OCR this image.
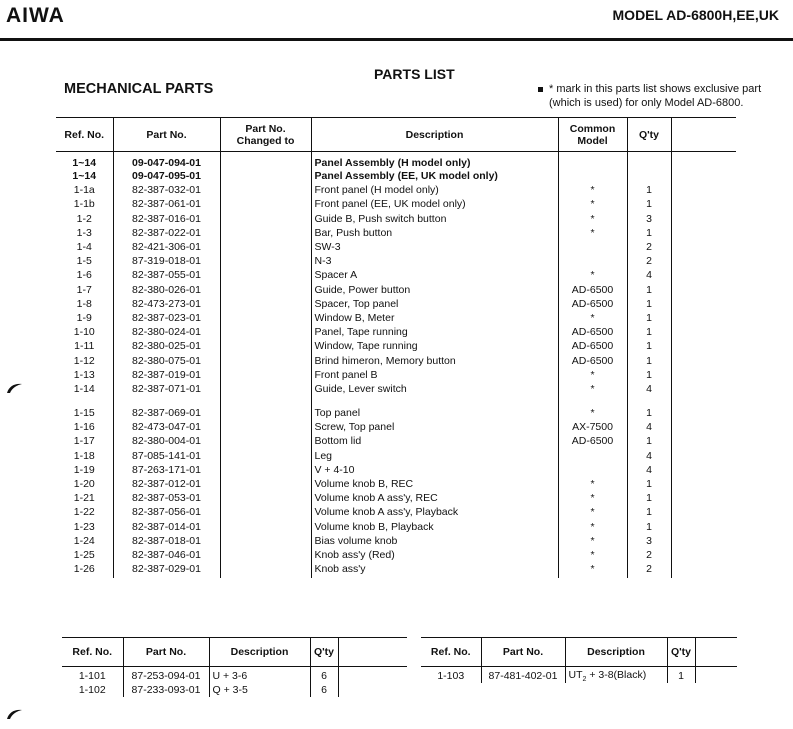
AIWA	MODEL AD-6800H,EE,UK
PARTS LIST
MECHANICAL PARTS	* mark in this parts list shows exclusive part
(which is used) for only Model AD-6800.
Ref. No.	Part No.	Part No.
Changed to	Description	Common
Model	Q'ty	
1~14	09-047-094-01		Panel Assembly (H model only)			
1~14	09-047-095-01		Panel Assembly (EE, UK model only)			
1-1a	82-387-032-01		Front panel (H model only)	*	1	
1-1b	82-387-061-01		Front panel (EE, UK model only)	*	1	
1-2	82-387-016-01		Guide B, Push switch button	*	3	
1-3	82-387-022-01		Bar, Push button	*	1	
1-4	82-421-306-01		SW-3		2	
1-5	87-319-018-01		N-3		2	
1-6	82-387-055-01		Spacer A	*	4	
1-7	82-380-026-01		Guide, Power button	AD-6500	1	
1-8	82-473-273-01		Spacer, Top panel	AD-6500	1	
1-9	82-387-023-01		Window B, Meter	*	1	
1-10	82-380-024-01		Panel, Tape running	AD-6500	1	
1-11	82-380-025-01		Window, Tape running	AD-6500	1	
1-12	82-380-075-01		Brind himeron, Memory button	AD-6500	1	
1-13	82-387-019-01		Front panel B	*	1	
1-14	82-387-071-01		Guide, Lever switch	*	4	

1-15	82-387-069-01		Top panel	*	1	
1-16	82-473-047-01		Screw, Top panel	AX-7500	4	
1-17	82-380-004-01		Bottom lid	AD-6500	1	
1-18	87-085-141-01		Leg		4	
1-19	87-263-171-01		V + 4-10		4	
1-20	82-387-012-01		Volume knob B, REC	*	1	
1-21	82-387-053-01		Volume knob A ass'y, REC	*	1	
1-22	82-387-056-01		Volume knob A ass'y, Playback	*	1	
1-23	82-387-014-01		Volume knob B, Playback	*	1	
1-24	82-387-018-01		Bias volume knob	*	3	
1-25	82-387-046-01		Knob ass'y (Red)	*	2	
1-26	82-387-029-01		Knob ass'y	*	2	
Ref. No.	Part No.	Description	Q'ty	
1-101	87-253-094-01	U + 3-6	6	
1-102	87-233-093-01	Q + 3-5	6	
Ref. No.	Part No.	Description	Q'ty	
1-103	87-481-402-01	$UT_2$ + 3-8(Black)	1	
